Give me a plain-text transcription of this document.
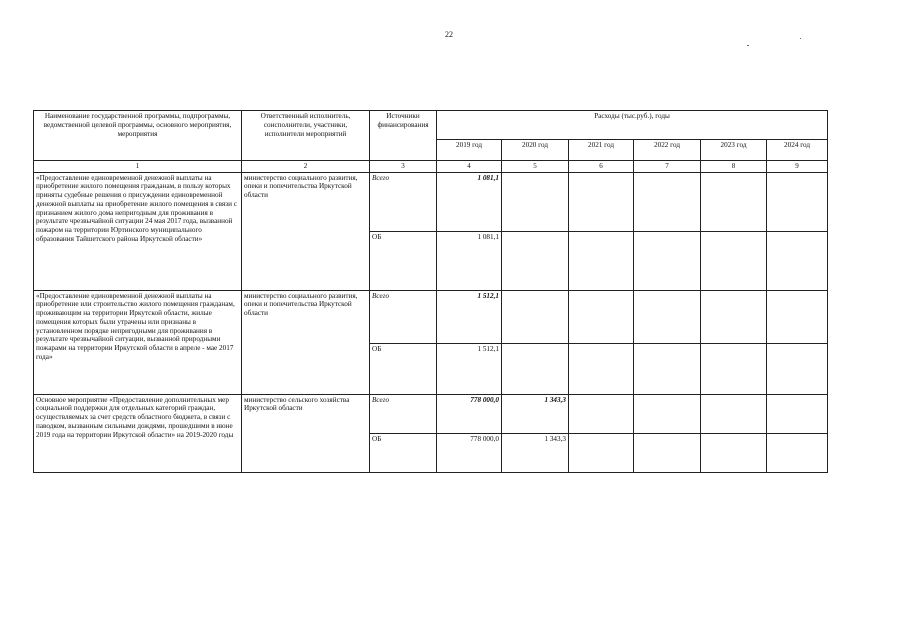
22
Наименование государственной программы, подпрограммы, ведомственной целевой программы, основного мероприятия, мероприятия	Ответственный исполнитель, соисполнители, участники, исполнители мероприятий	Источники финансирования	Расходы (тыс.руб.), годы					
			2019 год	2020 год	2021 год	2022 год	2023 год	2024 год
1	2	3	4	5	6	7	8	9
«Предоставление единовременной денежной выплаты на приобретение жилого помещения гражданам, в пользу которых приняты судебные решения о присуждении единовременной денежной выплаты на приобретение жилого помещения в связи с признанием жилого дома непригодным для проживания в результате чрезвычайной ситуации 24 мая 2017 года, вызванной пожаром на территории Юртинского муниципального образования Тайшетского района Иркутской области»	министерство социального развития, опеки и попечительства Иркутской области	Всего	1 081,1					
		ОБ	1 081,1					
«Предоставление единовременной денежной выплаты на приобретение или строительство жилого помещения гражданам, проживающим на территории Иркутской области, жилые помещения которых были утрачены или признаны в установленном порядке непригодными для проживания в результате чрезвычайной ситуации, вызванной природными пожарами на территории Иркутской области в апреле - мае 2017 года»	министерство социального развития, опеки и попечительства Иркутской области	Всего	1 512,1					
		ОБ	1 512,1					
Основное мероприятие «Предоставление дополнительных мер социальной поддержки для отдельных категорий граждан, осуществляемых за счет средств областного бюджета, в связи с паводком, вызванным сильными дождями, прошедшими в июне 2019 года на территории Иркутской области» на 2019-2020 годы	министерство сельского хозяйства Иркутской области	Всего	778 000,0	1 343,3				
		ОБ	778 000,0	1 343,3				
